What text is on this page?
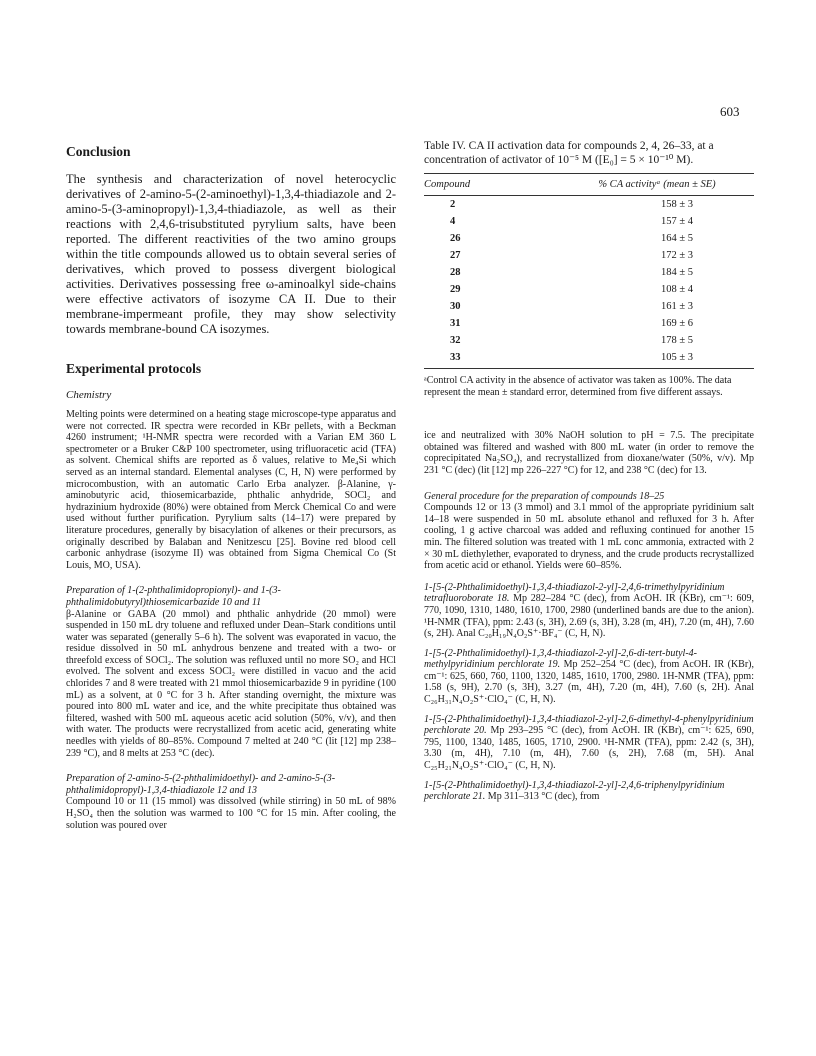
603
Conclusion

The synthesis and characterization of novel heterocyclic derivatives of 2-amino-5-(2-aminoethyl)-1,3,4-thiadiazole and 2-amino-5-(3-aminopropyl)-1,3,4-thiadiazole, as well as their reactions with 2,4,6-trisubstituted pyrylium salts, have been reported. The different reactivities of the two amino groups within the title compounds allowed us to obtain several series of derivatives, which proved to possess divergent biological activities. Derivatives possessing free ω-aminoalkyl side-chains were effective activators of isozyme CA II. Due to their membrane-impermeant profile, they may show selectivity towards membrane-bound CA isozymes.

Experimental protocols

Chemistry

Melting points were determined on a heating stage microscope-type apparatus and were not corrected. IR spectra were recorded in KBr pellets, with a Beckman 4260 instrument; ¹H-NMR spectra were recorded with a Varian EM 360 L spectrometer or a Bruker C&P 100 spectrometer, using trifluoracetic acid (TFA) as solvent. Chemical shifts are reported as δ values, relative to Me₄Si which served as an internal standard. Elemental analyses (C, H, N) were performed by microcombustion, with an automatic Carlo Erba analyzer. β-Alanine, γ-aminobutyric acid, thiosemicarbazide, phthalic anhydride, SOCl₂ and hydrazinium hydroxide (80%) were obtained from Merck Chemical Co and were used without further purification. Pyrylium salts (14–17) were prepared by literature procedures, generally by bisacylation of alkenes or their precursors, as originally described by Balaban and Nenitzescu [25]. Bovine red blood cell carbonic anhydrase (isozyme II) was obtained from Sigma Chemical Co (St Louis, MO, USA).

Preparation of 1-(2-phthalimidopropionyl)- and 1-(3-phthalimidobutyryl)thiosemicarbazide 10 and 11

β-Alanine or GABA (20 mmol) and phthalic anhydride (20 mmol) were suspended in 150 mL dry toluene and refluxed under Dean–Stark conditions until water was separated (generally 5–6 h). The solvent was evaporated in vacuo, the residue dissolved in 50 mL anhydrous benzene and treated with a two- or threefold excess of SOCl₂. The solution was refluxed until no more SO₂ and HCl evolved. The solvent and excess SOCl₂ were distilled in vacuo and the acid chlorides 7 and 8 were treated with 21 mmol thiosemicarbazide 9 in pyridine (100 mL) as a solvent, at 0 °C for 3 h. After standing overnight, the mixture was poured into 800 mL water and ice, and the white precipitate thus obtained was filtered, washed with 500 mL aqueous acetic acid solution (50%, v/v), and then with water. The products were recrystallized from acetic acid, generating white needles with yields of 80–85%. Compound 7 melted at 240 °C (lit [12] mp 238–239 °C), and 8 melts at 253 °C (dec).

Preparation of 2-amino-5-(2-phthalimidoethyl)- and 2-amino-5-(3-phthalimidopropyl)-1,3,4-thiadiazole 12 and 13

Compound 10 or 11 (15 mmol) was dissolved (while stirring) in 50 mL of 98% H₂SO₄ then the solution was warmed to 100 °C for 15 min. After cooling, the solution was poured over

Table IV. CA II activation data for compounds 2, 4, 26–33, at a concentration of activator of 10⁻⁵ M ([E₀] = 5 × 10⁻¹⁰ M).

Compound	% CA activityᵃ (mean ± SE)
2	158 ± 3
4	157 ± 4
26	164 ± 5
27	172 ± 3
28	184 ± 5
29	108 ± 4
30	161 ± 3
31	169 ± 6
32	178 ± 5
33	105 ± 3

ᵃControl CA activity in the absence of activator was taken as 100%. The data represent the mean ± standard error, determined from five different assays.

ice and neutralized with 30% NaOH solution to pH = 7.5. The precipitate obtained was filtered and washed with 800 mL water (in order to remove the coprecipitated Na₂SO₄), and recrystallized from dioxane/water (50%, v/v). Mp 231 °C (dec) (lit [12] mp 226–227 °C) for 12, and 238 °C (dec) for 13.

General procedure for the preparation of compounds 18–25

Compounds 12 or 13 (3 mmol) and 3.1 mmol of the appropriate pyridinium salt 14–18 were suspended in 50 mL absolute ethanol and refluxed for 3 h. After cooling, 1 g active charcoal was added and refluxing continued for another 15 min. The filtered solution was treated with 1 mL conc ammonia, extracted with 2 × 30 mL diethylether, evaporated to dryness, and the crude products recrystallized from acetic acid or ethanol. Yields were 60–85%.

1-[5-(2-Phthalimidoethyl)-1,3,4-thiadiazol-2-yl]-2,4,6-trimethylpyridinium tetrafluoroborate 18. Mp 282–284 °C (dec), from AcOH. IR (KBr), cm⁻¹: 609, 770, 1090, 1310, 1480, 1610, 1700, 2980 (underlined bands are due to the anion). ¹H-NMR (TFA), ppm: 2.43 (s, 3H), 2.69 (s, 3H), 3.28 (m, 4H), 7.20 (m, 4H), 7.60 (s, 2H). Anal C₂₀H₁₉N₄O₂S⁺·BF₄⁻ (C, H, N).

1-[5-(2-Phthalimidoethyl)-1,3,4-thiadiazol-2-yl]-2,6-di-tert-butyl-4-methylpyridinium perchlorate 19. Mp 252–254 °C (dec), from AcOH. IR (KBr), cm⁻¹: 625, 660, 760, 1100, 1320, 1485, 1610, 1700, 2980. 1H-NMR (TFA), ppm: 1.58 (s, 9H), 2.70 (s, 3H), 3.27 (m, 4H), 7.20 (m, 4H), 7.60 (s, 2H). Anal C₂₆H₃₁N₄O₂S⁺·ClO₄⁻ (C, H, N).

1-[5-(2-Phthalimidoethyl)-1,3,4-thiadiazol-2-yl]-2,6-dimethyl-4-phenylpyridinium perchlorate 20. Mp 293–295 °C (dec), from AcOH. IR (KBr), cm⁻¹: 625, 690, 795, 1100, 1340, 1485, 1605, 1710, 2900. ¹H-NMR (TFA), ppm: 2.42 (s, 3H), 3.30 (m, 4H), 7.10 (m, 4H), 7.60 (s, 2H), 7.68 (m, 5H). Anal C₂₅H₂₁N₄O₂S⁺·ClO₄⁻ (C, H, N).

1-[5-(2-Phthalimidoethyl)-1,3,4-thiadiazol-2-yl]-2,4,6-triphenylpyridinium perchlorate 21. Mp 311–313 °C (dec), from
